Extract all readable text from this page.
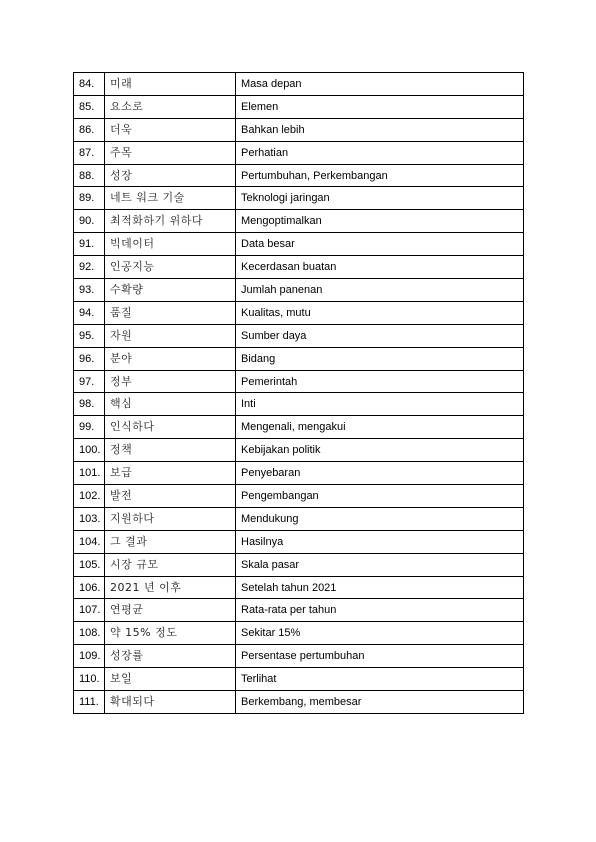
84.	미래	Masa depan
85.	요소로	Elemen
86.	더욱	Bahkan lebih
87.	주목	Perhatian
88.	성장	Pertumbuhan, Perkembangan
89.	네트 워크 기술	Teknologi jaringan
90.	최적화하기 위하다	Mengoptimalkan
91.	빅데이터	Data besar
92.	인공지능	Kecerdasan buatan
93.	수확량	Jumlah panenan
94.	품질	Kualitas, mutu
95.	자원	Sumber daya
96.	분야	Bidang
97.	정부	Pemerintah
98.	핵심	Inti
99.	인식하다	Mengenali, mengakui
100.	정책	Kebijakan politik
101.	보급	Penyebaran
102.	발전	Pengembangan
103.	지원하다	Mendukung
104.	그 결과	Hasilnya
105.	시장 규모	Skala pasar
106.	2021 년 이후	Setelah tahun 2021
107.	연평균	Rata-rata per tahun
108.	약 15% 정도	Sekitar 15%
109.	성장률	Persentase pertumbuhan
110.	보일	Terlihat
111.	확대되다	Berkembang, membesar
